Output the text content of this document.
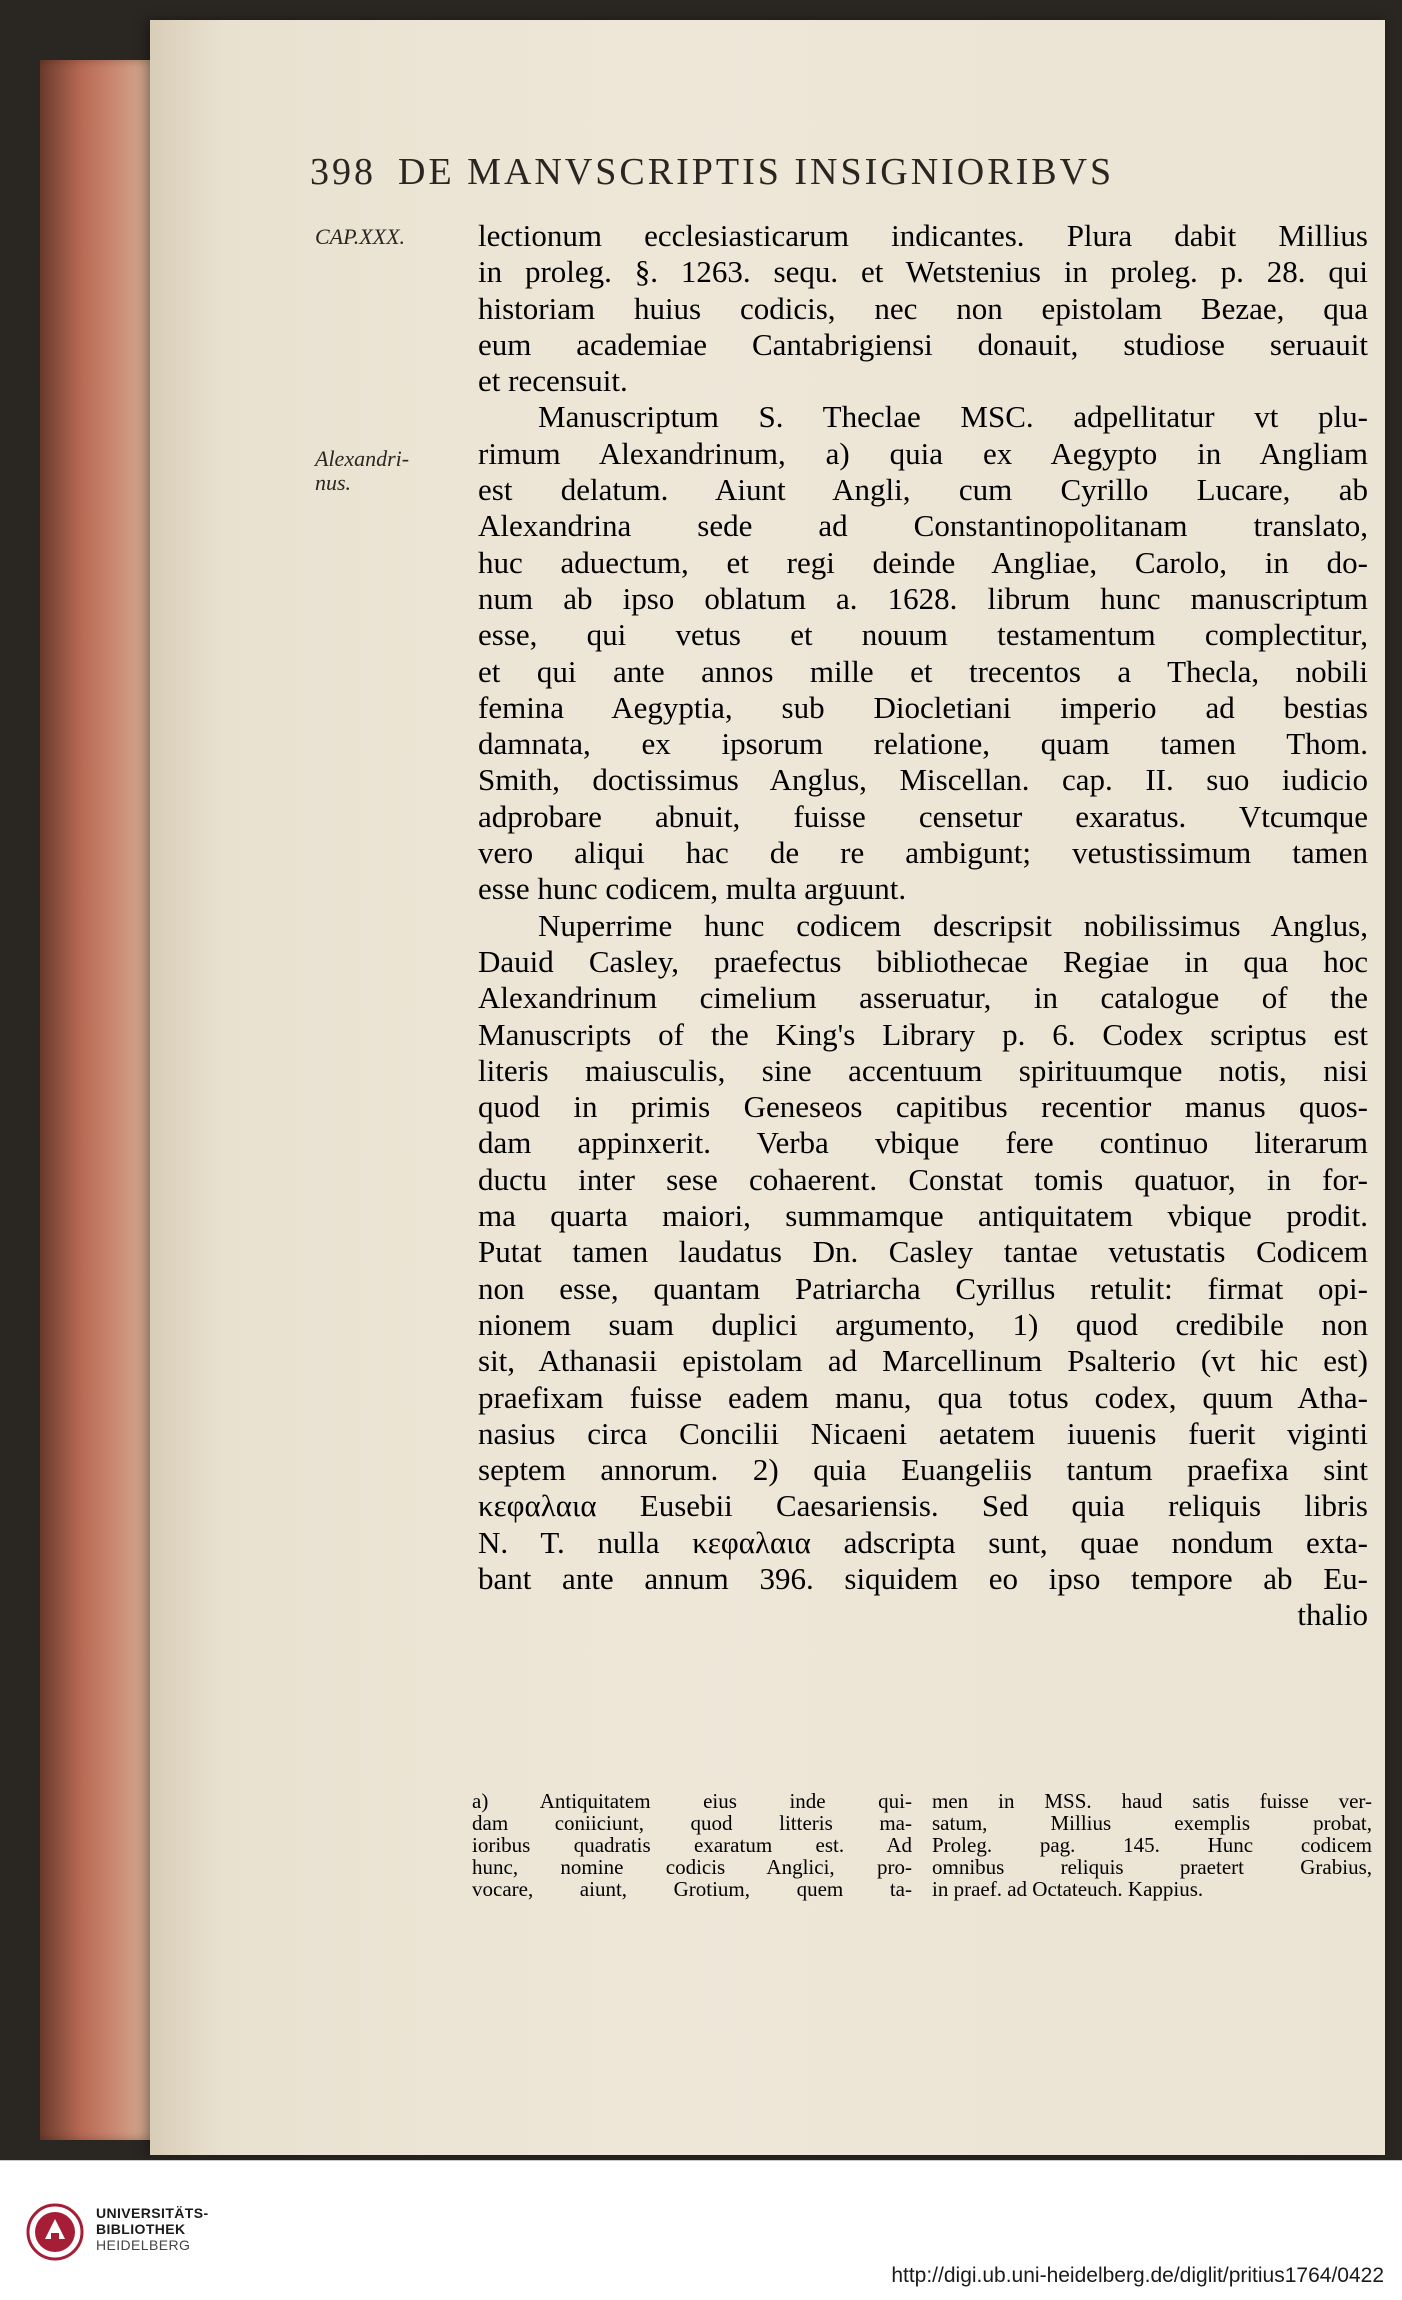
398 DE MANVSCRIPTIS INSIGNIORIBVS
CAP.XXX.
Alexandri-
nus.
lectionum ecclesiasticarum indicantes. Plura dabit Millius
in proleg. §. 1263. sequ. et Wetstenius in proleg. p. 28. qui
historiam huius codicis, nec non epistolam Bezae, qua
eum academiae Cantabrigiensi donauit, studiose seruauit
et recensuit.
Manuscriptum S. Theclae MSC. adpellitatur vt plu-
rimum Alexandrinum, a) quia ex Aegypto in Angliam
est delatum. Aiunt Angli, cum Cyrillo Lucare, ab
Alexandrina sede ad Constantinopolitanam translato,
huc aduectum, et regi deinde Angliae, Carolo, in do-
num ab ipso oblatum a. 1628. librum hunc manuscriptum
esse, qui vetus et nouum testamentum complectitur,
et qui ante annos mille et trecentos a Thecla, nobili
femina Aegyptia, sub Diocletiani imperio ad bestias
damnata, ex ipsorum relatione, quam tamen Thom.
Smith, doctissimus Anglus, Miscellan. cap. II. suo iudicio
adprobare abnuit, fuisse censetur exaratus. Vtcumque
vero aliqui hac de re ambigunt; vetustissimum tamen
esse hunc codicem, multa arguunt.
Nuperrime hunc codicem descripsit nobilissimus Anglus,
Dauid Casley, praefectus bibliothecae Regiae in qua hoc
Alexandrinum cimelium asseruatur, in catalogue of the
Manuscripts of the King's Library p. 6. Codex scriptus est
literis maiusculis, sine accentuum spirituumque notis, nisi
quod in primis Geneseos capitibus recentior manus quos-
dam appinxerit. Verba vbique fere continuo literarum
ductu inter sese cohaerent. Constat tomis quatuor, in for-
ma quarta maiori, summamque antiquitatem vbique prodit.
Putat tamen laudatus Dn. Casley tantae vetustatis Codicem
non esse, quantam Patriarcha Cyrillus retulit: firmat opi-
nionem suam duplici argumento, 1) quod credibile non
sit, Athanasii epistolam ad Marcellinum Psalterio (vt hic est)
praefixam fuisse eadem manu, qua totus codex, quum Atha-
nasius circa Concilii Nicaeni aetatem iuuenis fuerit viginti
septem annorum. 2) quia Euangeliis tantum praefixa sint
κεφαλαια Eusebii Caesariensis. Sed quia reliquis libris
N. T. nulla κεφαλαια adscripta sunt, quae nondum exta-
bant ante annum 396. siquidem eo ipso tempore ab Eu-
thalio
a) Antiquitatem eius inde qui-
dam coniiciunt, quod litteris ma-
ioribus quadratis exaratum est. Ad
hunc, nomine codicis Anglici, pro-
vocare, aiunt, Grotium, quem ta-
men in MSS. haud satis fuisse ver-
satum, Millius exemplis probat,
Proleg. pag. 145. Hunc codicem
omnibus reliquis praetert Grabius,
in praef. ad Octateuch. Kappius.
UNIVERSITÄTS-
BIBLIOTHEK
HEIDELBERG
http://digi.ub.uni-heidelberg.de/diglit/pritius1764/0422
